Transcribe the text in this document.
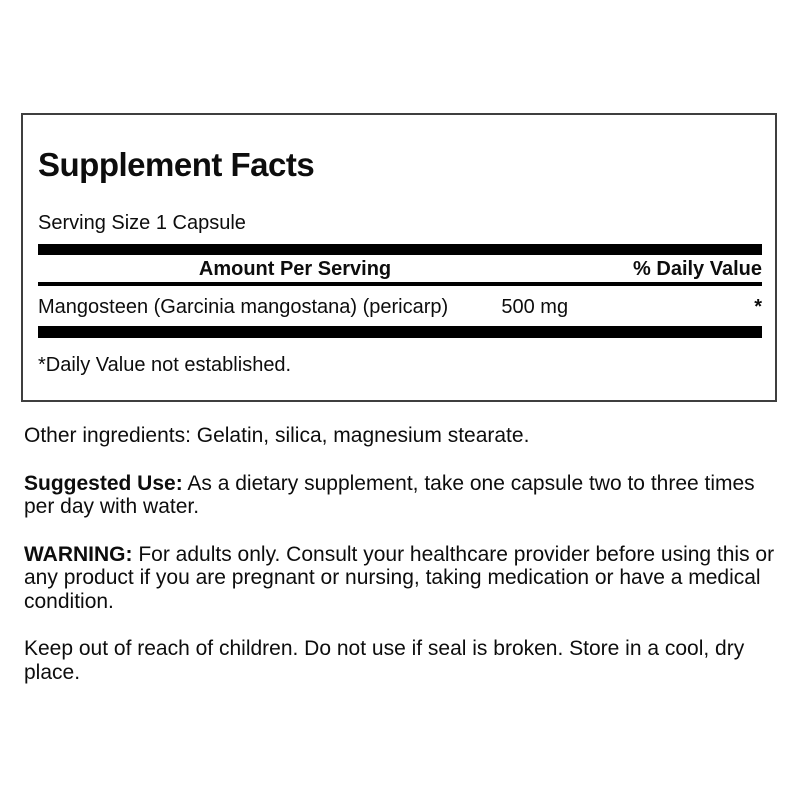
Supplement Facts
Serving Size 1 Capsule
Amount Per Serving	% Daily Value
Mangosteen (Garcinia mangostana) (pericarp)	500 mg	*
*Daily Value not established.

Other ingredients: Gelatin, silica, magnesium stearate.

Suggested Use: As a dietary supplement, take one capsule two to three times
per day with water.

WARNING: For adults only. Consult your healthcare provider before using this or
any product if you are pregnant or nursing, taking medication or have a medical
condition.

Keep out of reach of children. Do not use if seal is broken. Store in a cool, dry
place.
